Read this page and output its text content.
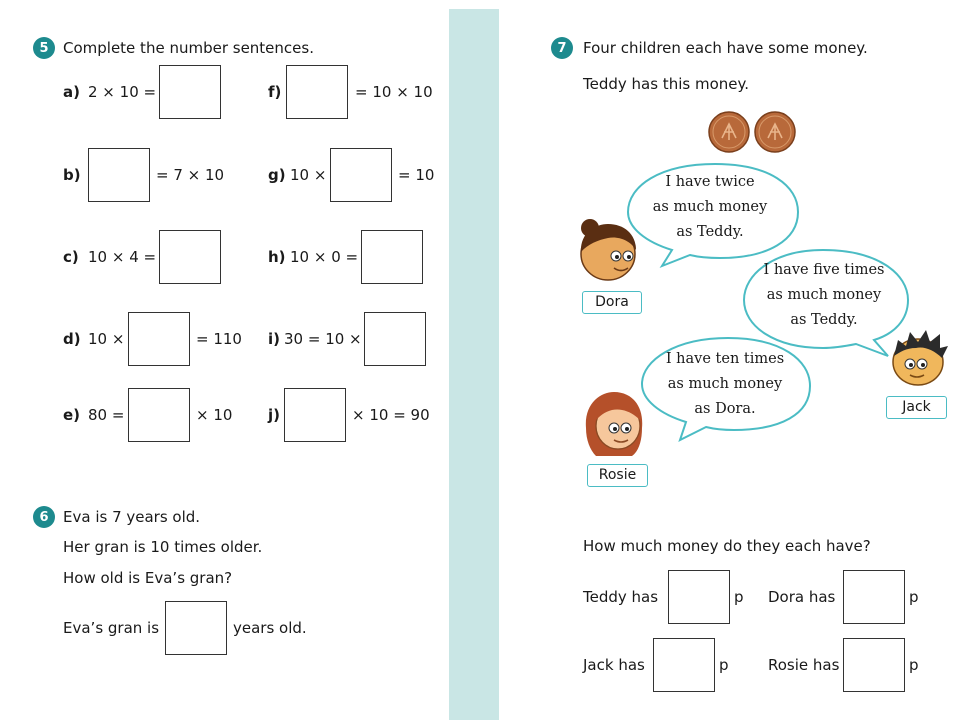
5 Complete the number sentences.
a) 2 × 10 =	f)	= 10 × 10
b)	= 7 × 10	g) 10 ×	= 10
c) 10 × 4 =	h) 10 × 0 =
d) 10 ×	= 110 i) 30 = 10 ×
e) 80 =	× 10 j)	× 10 = 90
6 Eva is 7 years old.
Her gran is 10 times older.
How old is Eva’s gran?
Eva’s gran is	years old.
7	Four children each have some money.
Teddy has this money.
I have twice
as much money
as Teddy.
I have five times
as much money
as Teddy.
I have ten times
as much money
as Dora.
Dora
Jack
Rosie
How much money do they each have?
Teddy has	p Dora has	p
Jack has	p	Rosie has	p
